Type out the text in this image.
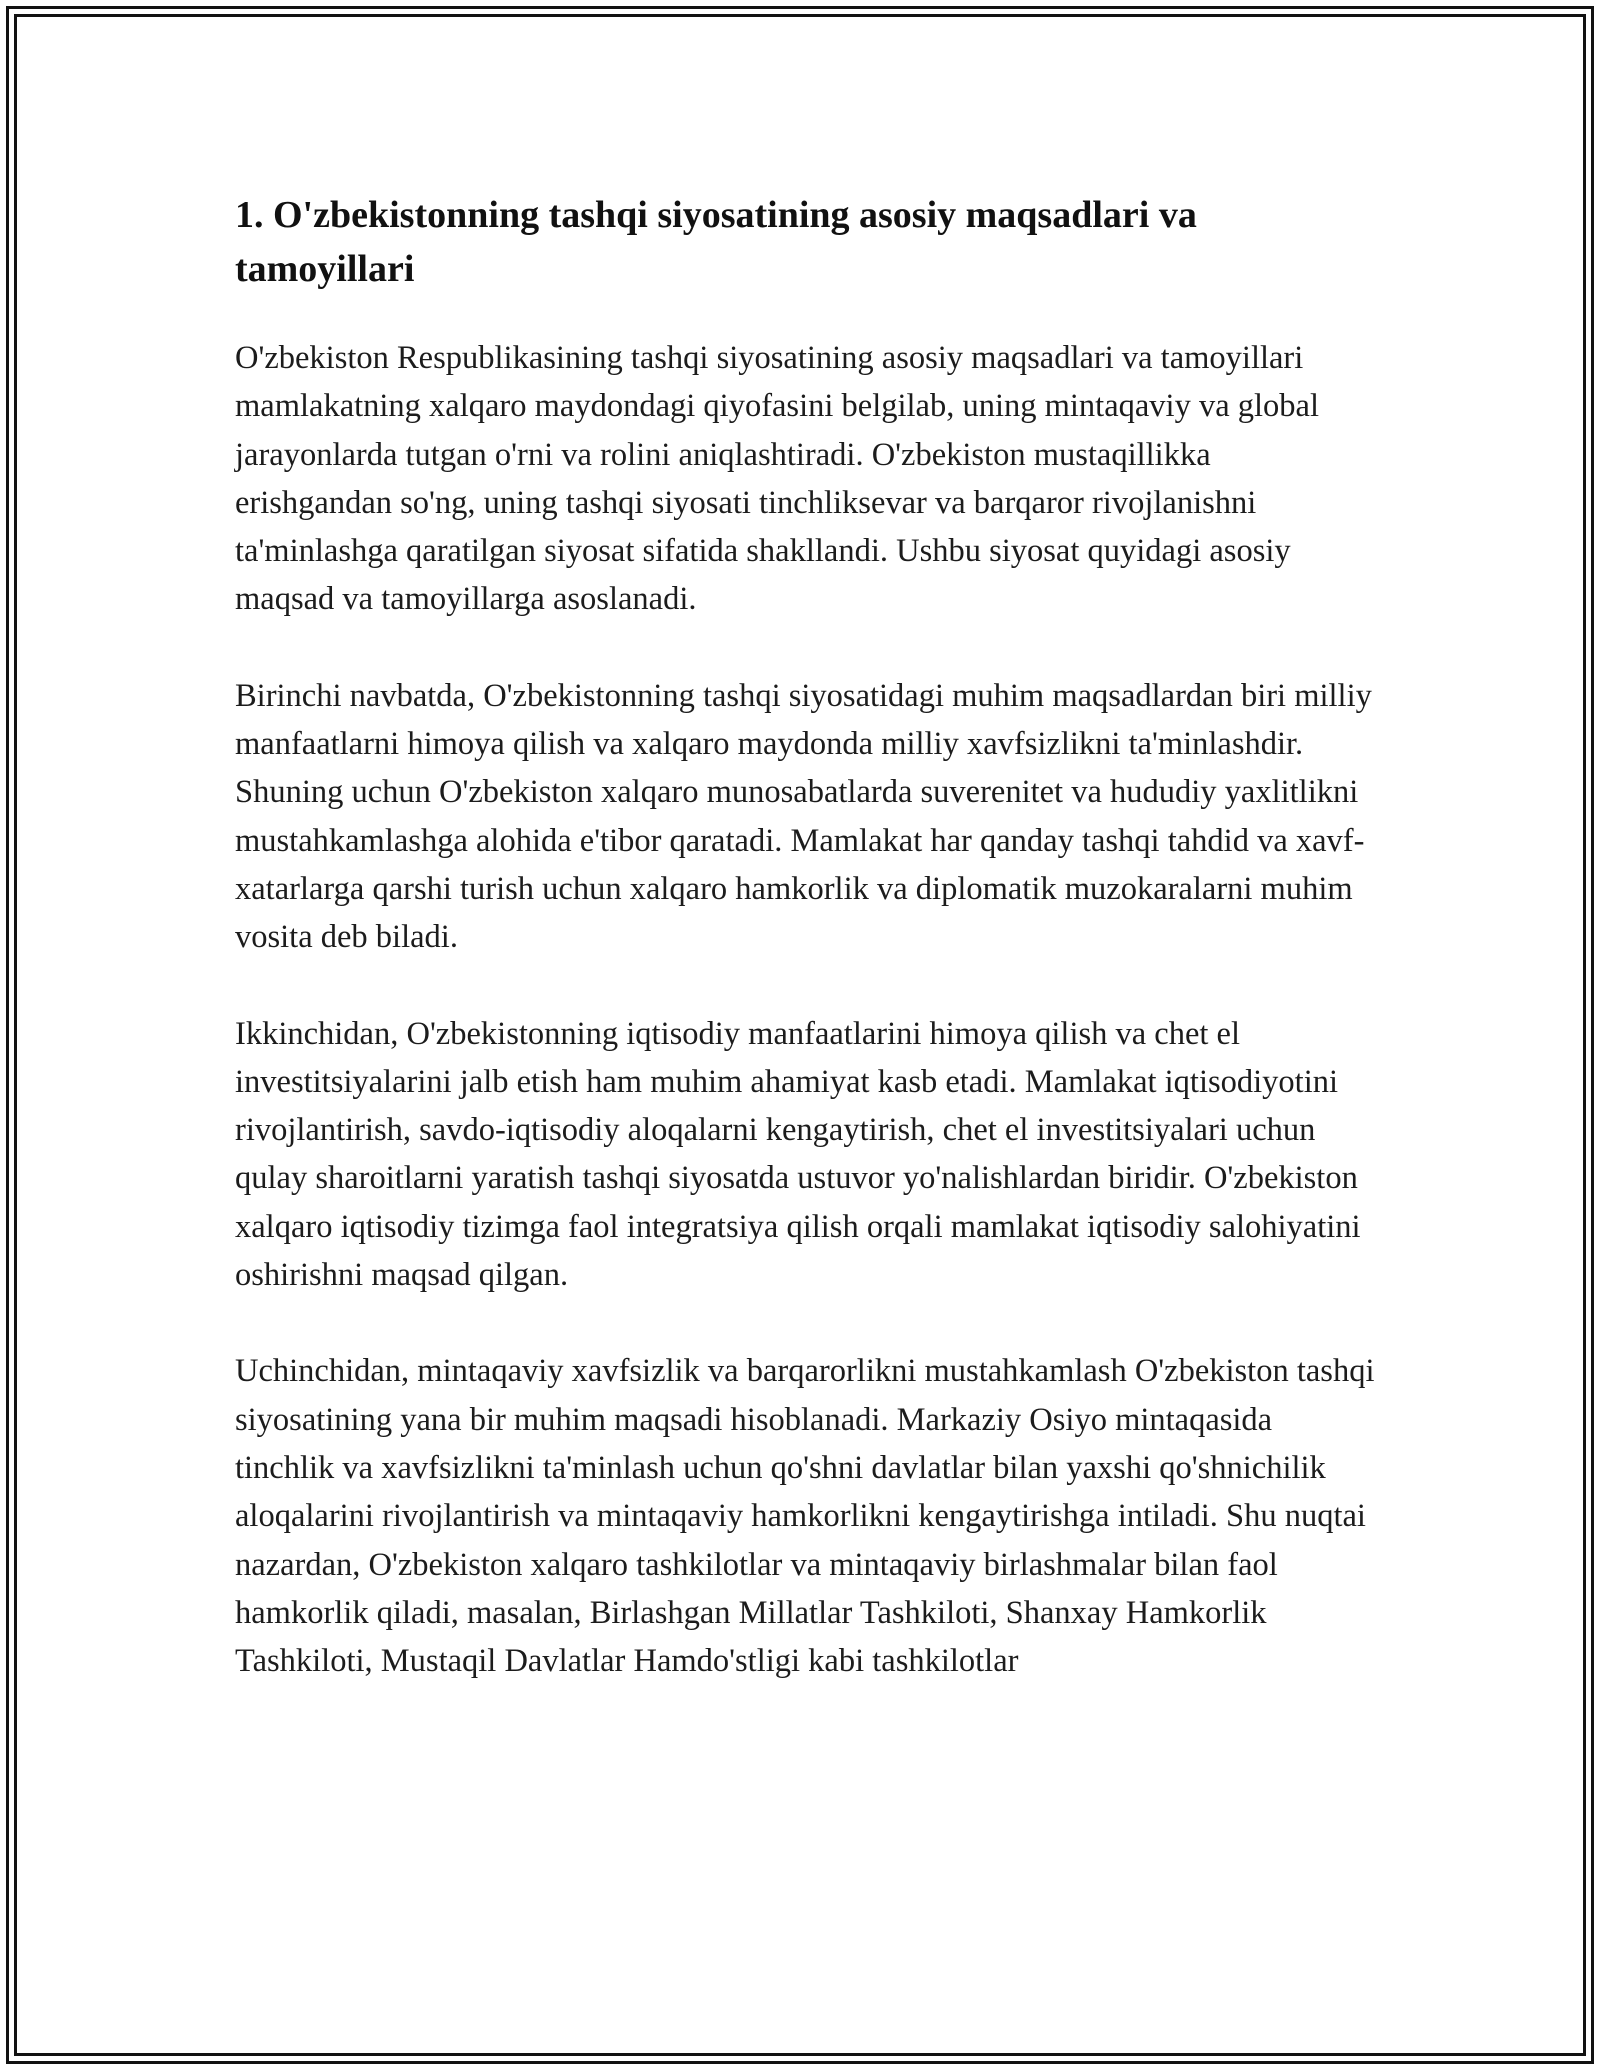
1. O'zbekistonning tashqi siyosatining asosiy maqsadlari va tamoyillari

O'zbekiston Respublikasining tashqi siyosatining asosiy maqsadlari va tamoyillari mamlakatning xalqaro maydondagi qiyofasini belgilab, uning mintaqaviy va global jarayonlarda tutgan o'rni va rolini aniqlashtiradi. O'zbekiston mustaqillikka erishgandan so'ng, uning tashqi siyosati tinchliksevar va barqaror rivojlanishni ta'minlashga qaratilgan siyosat sifatida shakllandi. Ushbu siyosat quyidagi asosiy maqsad va tamoyillarga asoslanadi.

Birinchi navbatda, O'zbekistonning tashqi siyosatidagi muhim maqsadlardan biri milliy manfaatlarni himoya qilish va xalqaro maydonda milliy xavfsizlikni ta'minlashdir. Shuning uchun O'zbekiston xalqaro munosabatlarda suverenitet va hududiy yaxlitlikni mustahkamlashga alohida e'tibor qaratadi. Mamlakat har qanday tashqi tahdid va xavf-xatarlarga qarshi turish uchun xalqaro hamkorlik va diplomatik muzokaralarni muhim vosita deb biladi.

Ikkinchidan, O'zbekistonning iqtisodiy manfaatlarini himoya qilish va chet el investitsiyalarini jalb etish ham muhim ahamiyat kasb etadi. Mamlakat iqtisodiyotini rivojlantirish, savdo-iqtisodiy aloqalarni kengaytirish, chet el investitsiyalari uchun qulay sharoitlarni yaratish tashqi siyosatda ustuvor yo'nalishlardan biridir. O'zbekiston xalqaro iqtisodiy tizimga faol integratsiya qilish orqali mamlakat iqtisodiy salohiyatini oshirishni maqsad qilgan.

Uchinchidan, mintaqaviy xavfsizlik va barqarorlikni mustahkamlash O'zbekiston tashqi siyosatining yana bir muhim maqsadi hisoblanadi. Markaziy Osiyo mintaqasida tinchlik va xavfsizlikni ta'minlash uchun qo'shni davlatlar bilan yaxshi qo'shnichilik aloqalarini rivojlantirish va mintaqaviy hamkorlikni kengaytirishga intiladi. Shu nuqtai nazardan, O'zbekiston xalqaro tashkilotlar va mintaqaviy birlashmalar bilan faol hamkorlik qiladi, masalan, Birlashgan Millatlar Tashkiloti, Shanxay Hamkorlik Tashkiloti, Mustaqil Davlatlar Hamdo'stligi kabi tashkilotlar
